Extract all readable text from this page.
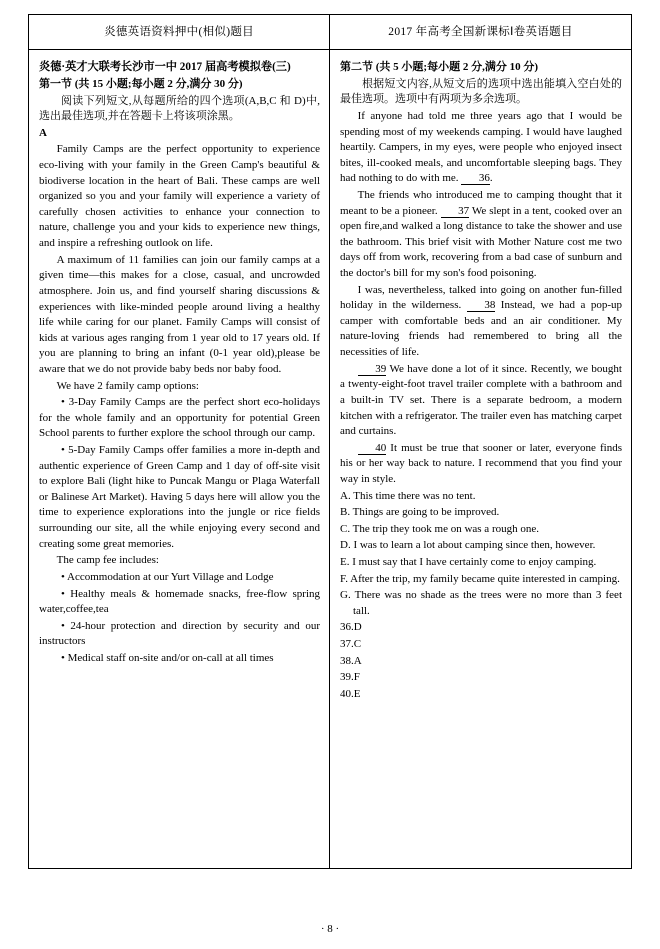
炎德英语资料押中(相似)题目	2017 年高考全国新课标Ⅰ卷英语题目

炎德·英才大联考长沙市一中 2017 届高考模拟卷(三)

第一节 (共 15 小题;每小题 2 分,满分 30 分)

阅读下列短文,从每题所给的四个选项(A,B,C 和 D)中,选出最佳选项,并在答题卡上将该项涂黑。

A

Family Camps are the perfect opportunity to experience eco-living with your family in the Green Camp's beautiful & biodiverse location in the heart of Bali. These camps are well organized so you and your family will experience a variety of carefully chosen activities to enhance your connection to nature, challenge you and your kids to experience new things, and inspire a refreshing outlook on life.

A maximum of 11 families can join our family camps at a given time—this makes for a close, casual, and uncrowded atmosphere. Join us, and find yourself sharing discussions & experiences with like-minded people around living a healthy life while caring for our planet. Family Camps will consist of kids at various ages ranging from 1 year old to 17 years old. If you are planning to bring an infant (0-1 year old),please be aware that we do not provide baby beds nor baby food.

We have 2 family camp options:

• 3-Day Family Camps are the perfect short eco-holidays for the whole family and an opportunity for potential Green School parents to further explore the school through our camp.

• 5-Day Family Camps offer families a more in-depth and authentic experience of Green Camp and 1 day of off-site visit to explore Bali (light hike to Puncak Mangu or Plaga Waterfall or Balinese Art Market). Having 5 days here will allow you the time to experience explorations into the jungle or rice fields surrounding our site, all the while enjoying every second and creating some great memories.

The camp fee includes:

• Accommodation at our Yurt Village and Lodge

• Healthy meals & homemade snacks, free-flow spring water,coffee,tea

• 24-hour protection and direction by security and our instructors

• Medical staff on-site and/or on-call at all times

第二节 (共 5 小题;每小题 2 分,满分 10 分)

根据短文内容,从短文后的选项中选出能填入空白处的最佳选项。选项中有两项为多余选项。

If anyone had told me three years ago that I would be spending most of my weekends camping. I would have laughed heartily. Campers, in my eyes, were people who enjoyed insect bites, ill-cooked meals, and uncomfortable sleeping bags. They had nothing to do with me. 36.

The friends who introduced me to camping thought that it meant to be a pioneer. 37 We slept in a tent, cooked over an open fire,and walked a long distance to take the shower and use the bathroom. This brief visit with Mother Nature cost me two days off from work, recovering from a bad case of sunburn and the doctor's bill for my son's food poisoning.

I was, nevertheless, talked into going on another fun-filled holiday in the wilderness. 38 Instead, we had a pop-up camper with comfortable beds and an air conditioner. My nature-loving friends had remembered to bring all the necessities of life.

39 We have done a lot of it since. Recently, we bought a twenty-eight-foot travel trailer complete with a bathroom and a built-in TV set. There is a separate bedroom, a modern kitchen with a refrigerator. The trailer even has matching carpet and curtains.

40 It must be true that sooner or later, everyone finds his or her way back to nature. I recommend that you find your way in style.

A. This time there was no tent.

B. Things are going to be improved.

C. The trip they took me on was a rough one.

D. I was to learn a lot about camping since then, however.

E. I must say that I have certainly come to enjoy camping.

F. After the trip, my family became quite interested in camping.

G. There was no shade as the trees were no more than 3 feet tall.

36.D

37.C

38.A

39.F

40.E

· 8 ·
